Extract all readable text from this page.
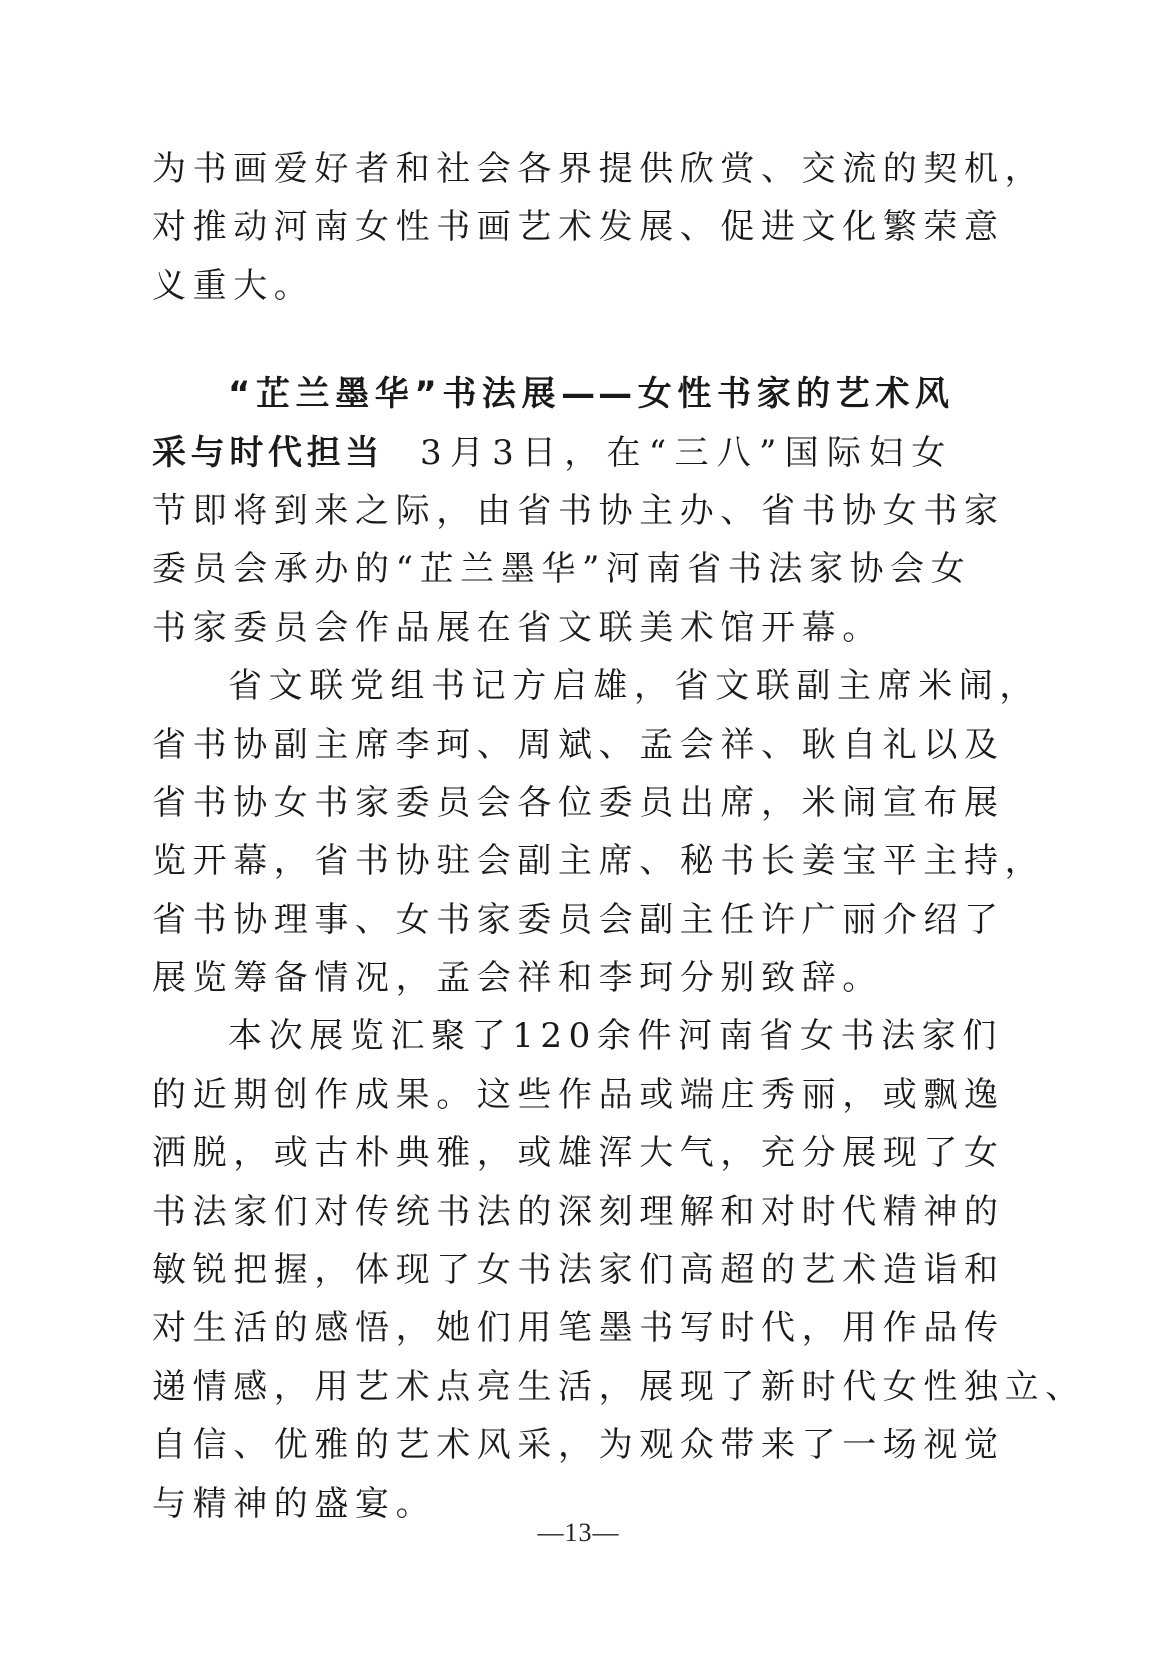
为书画爱好者和社会各界提供欣赏、交流的契机，
对推动河南女性书画艺术发展、促进文化繁荣意
义重大。
“芷兰墨华”书法展——女性书家的艺术风
采与时代担当 3月3日，在“三八”国际妇女
节即将到来之际，由省书协主办、省书协女书家
委员会承办的“芷兰墨华”河南省书法家协会女
书家委员会作品展在省文联美术馆开幕。
省文联党组书记方启雄，省文联副主席米闹，
省书协副主席李珂、周斌、孟会祥、耿自礼以及
省书协女书家委员会各位委员出席，米闹宣布展
览开幕，省书协驻会副主席、秘书长姜宝平主持，
省书协理事、女书家委员会副主任许广丽介绍了
展览筹备情况，孟会祥和李珂分别致辞。
本次展览汇聚了120余件河南省女书法家们
的近期创作成果。这些作品或端庄秀丽，或飘逸
洒脱，或古朴典雅，或雄浑大气，充分展现了女
书法家们对传统书法的深刻理解和对时代精神的
敏锐把握，体现了女书法家们高超的艺术造诣和
对生活的感悟，她们用笔墨书写时代，用作品传
递情感，用艺术点亮生活，展现了新时代女性独立、
自信、优雅的艺术风采，为观众带来了一场视觉
与精神的盛宴。
—13—
